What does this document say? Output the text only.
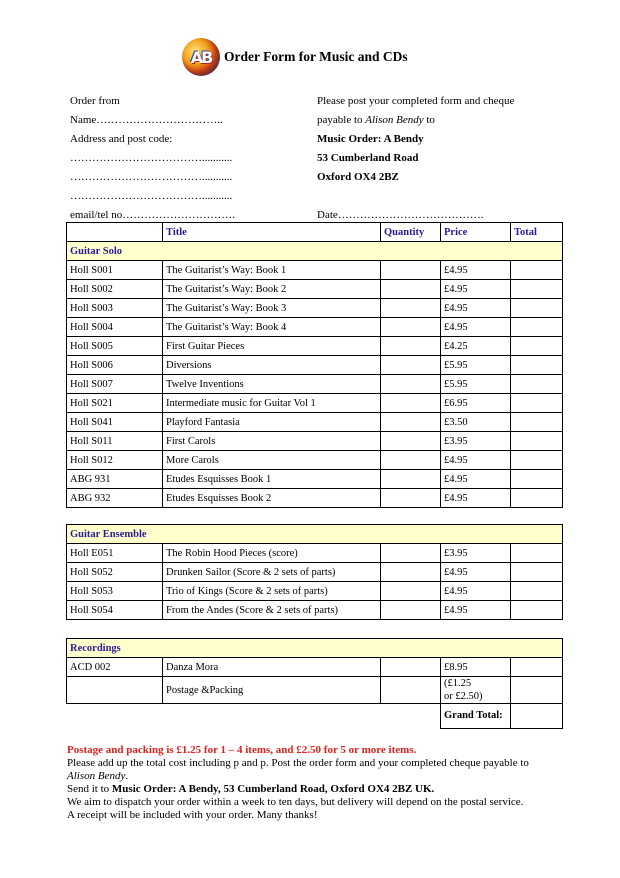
AB Order Form for Music and CDs
Order from
Name……………………………..
Address and post code:
………………………………...........
………………………………...........
………………………………...........
email/tel no………………………….
Please post your completed form and cheque
payable to Alison Bendy to
Music Order: A Bendy
53 Cumberland Road
Oxford OX4 2BZ
Date………………………………….
	Title	Quantity	Price	Total
Guitar Solo				
Holl S001	The Guitarist’s Way: Book 1		£4.95	
Holl S002	The Guitarist’s Way: Book 2		£4.95	
Holl S003	The Guitarist’s Way: Book 3		£4.95	
Holl S004	The Guitarist’s Way: Book 4		£4.95	
Holl S005	First Guitar Pieces		£4.25	
Holl S006	Diversions		£5.95	
Holl S007	Twelve Inventions		£5.95	
Holl S021	Intermediate music for Guitar Vol 1		£6.95	
Holl S041	Playford Fantasia		£3.50	
Holl S011	First Carols		£3.95	
Holl S012	More Carols		£4.95	
ABG 931	Etudes Esquisses Book 1		£4.95	
ABG 932	Etudes Esquisses Book 2		£4.95	
Guitar Ensemble				
Holl E051	The Robin Hood Pieces (score)		£3.95	
Holl S052	Drunken Sailor (Score & 2 sets of parts)		£4.95	
Holl S053	Trio of Kings (Score & 2 sets of parts)		£4.95	
Holl S054	From the Andes (Score & 2 sets of parts)		£4.95	
Recordings				
ACD 002	Danza Mora		£8.95	
	Postage &Packing		(£1.25
or £2.50)	
			Grand Total:	
Postage and packing is £1.25 for 1 – 4 items, and £2.50 for 5 or more items.
Please add up the total cost including p and p. Post the order form and your completed cheque payable to
Alison Bendy.
Send it to Music Order: A Bendy, 53 Cumberland Road, Oxford OX4 2BZ UK.
We aim to dispatch your order within a week to ten days, but delivery will depend on the postal service.
A receipt will be included with your order. Many thanks!
